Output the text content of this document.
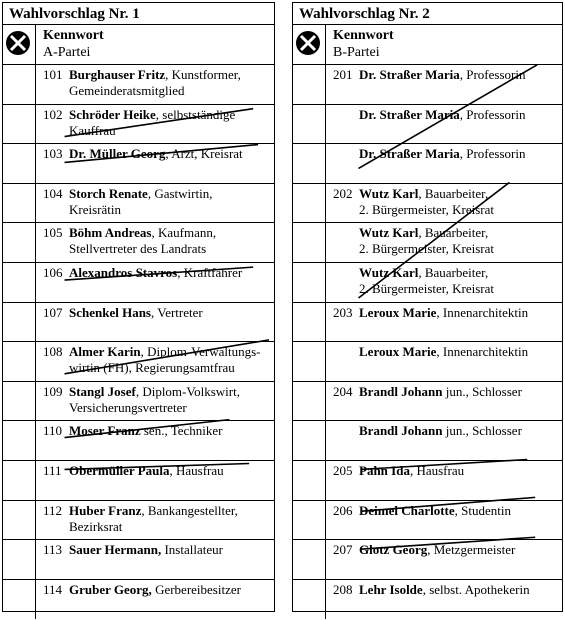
Wahlvorschlag Nr. 1
Kennwort
A-Partei
101 Burghauser Fritz, Kunstformer,
Gemeinderatsmitglied
102 Schröder Heike, selbstständige
Kauffrau
103 Dr. Müller Georg, Arzt, Kreisrat
104 Storch Renate, Gastwirtin,
Kreisrätin
105 Böhm Andreas, Kaufmann,
Stellvertreter des Landrats
106 Alexandros Stavros, Kraftfahrer
107 Schenkel Hans, Vertreter
108 Almer Karin, Diplom-Verwaltungs-
wirtin (FH), Regierungsamtfrau
109 Stangl Josef, Diplom-Volkswirt,
Versicherungsvertreter
110 Moser Franz sen., Techniker
111 Obermüller Paula, Hausfrau
112 Huber Franz, Bankangestellter,
Bezirksrat
113 Sauer Hermann, Installateur
114 Gruber Georg, Gerbereibesitzer
Wahlvorschlag Nr. 2
Kennwort
B-Partei
201 Dr. Straßer Maria, Professorin
Dr. Straßer Maria, Professorin
Dr. Straßer Maria, Professorin
202 Wutz Karl, Bauarbeiter,
2. Bürgermeister, Kreisrat
Wutz Karl, Bauarbeiter,
2. Bürgermeister, Kreisrat
Wutz Karl, Bauarbeiter,
2. Bürgermeister, Kreisrat
203 Leroux Marie, Innenarchitektin
Leroux Marie, Innenarchitektin
204 Brandl Johann jun., Schlosser
Brandl Johann jun., Schlosser
205 Pahn Ida, Hausfrau
206 Deimel Charlotte, Studentin
207 Glotz Georg, Metzgermeister
208 Lehr Isolde, selbst. Apothekerin
